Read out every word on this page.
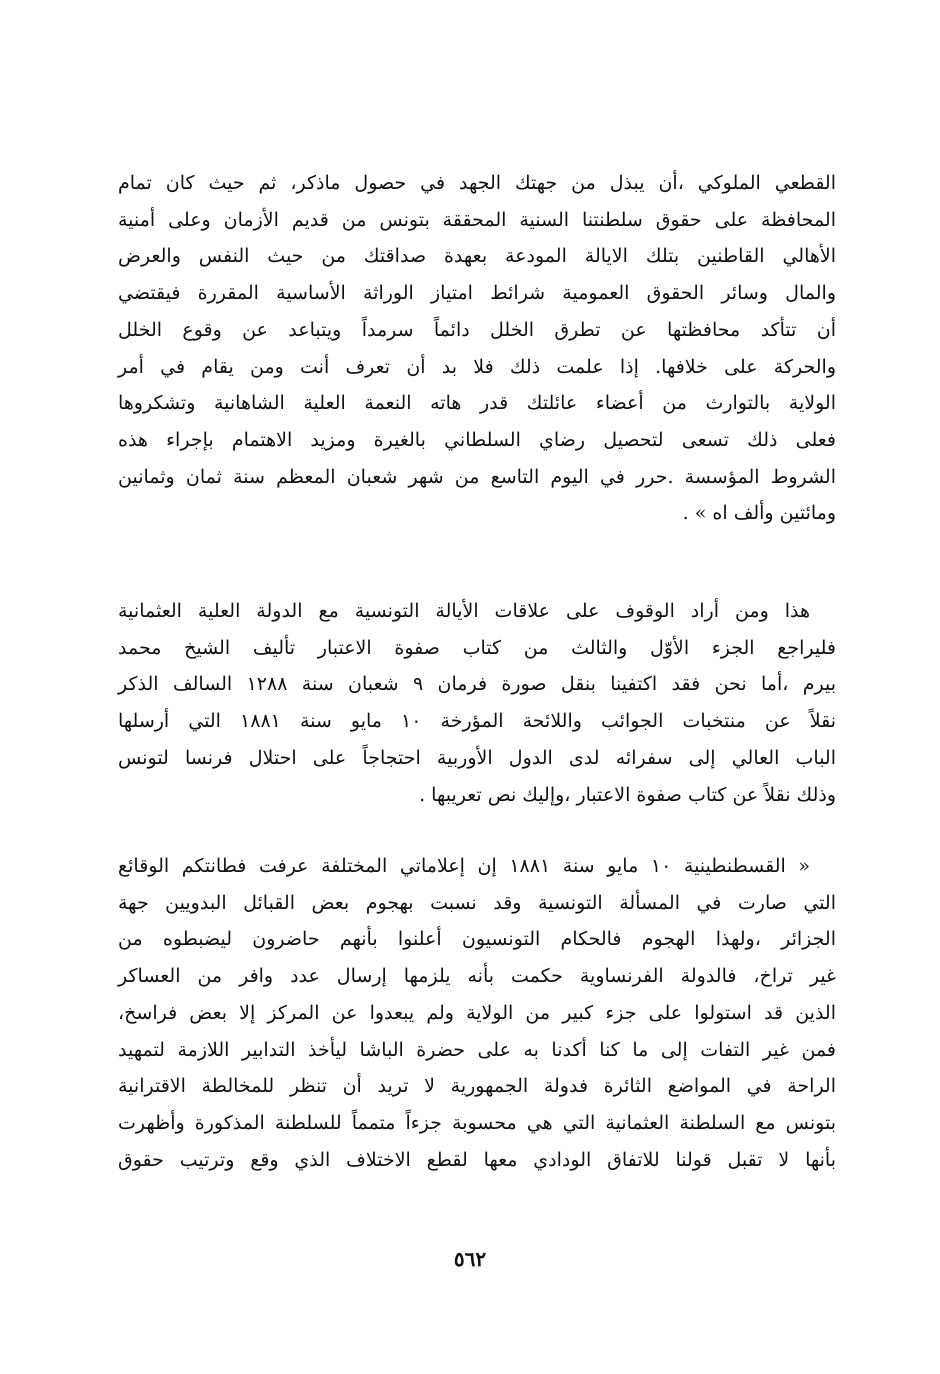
القطعي الملوكي ،أن يبذل من جهتك الجهد في حصول ماذكر، ثم حيث كان تمام
المحافظة على حقوق سلطنتنا السنية المحققة بتونس من قديم الأزمان وعلى أمنية
الأهالي القاطنين بتلك الايالة المودعة بعهدة صداقتك من حيث النفس والعرض
والمال وسائر الحقوق العمومية شرائط امتياز الوراثة الأساسية المقررة فيقتضي
أن تتأكد محافظتها عن تطرق الخلل دائماً سرمداً ويتباعد عن وقوع الخلل
والحركة على خلافها. إذا علمت ذلك فلا بد أن تعرف أنت ومن يقام في أمر
الولاية بالتوارث من أعضاء عائلتك قدر هاته النعمة العلية الشاهانية وتشكروها
فعلى ذلك تسعى لتحصيل رضاي السلطاني بالغيرة ومزيد الاهتمام بإجراء هذه
الشروط المؤسسة .حرر في اليوم التاسع من شهر شعبان المعظم سنة ثمان وثمانين
ومائتين وألف اه » .
هذا ومن أراد الوقوف على علاقات الأيالة التونسية مع الدولة العلية العثمانية
فليراجع الجزء الأوّل والثالث من كتاب صفوة الاعتبار تأليف الشيخ محمد
بيرم ،أما نحن فقد اكتفينا بنقل صورة فرمان ٩ شعبان سنة ١٢٨٨ السالف الذكر
نقلاً عن منتخبات الجوائب واللائحة المؤرخة ١٠ مايو سنة ١٨٨١ التي أرسلها
الباب العالي إلى سفرائه لدى الدول الأوربية احتجاجاً على احتلال فرنسا لتونس
وذلك نقلاً عن كتاب صفوة الاعتبار ،وإليك نص تعريبها .
« القسطنطينية ١٠ مايو سنة ١٨٨١ إن إعلاماتي المختلفة عرفت فطانتكم الوقائع
التي صارت في المسألة التونسية وقد نسبت بهجوم بعض القبائل البدويين جهة
الجزائر ،ولهذا الهجوم فالحكام التونسيون أعلنوا بأنهم حاضرون ليضبطوه من
غير تراخ، فالدولة الفرنساوية حكمت بأنه يلزمها إرسال عدد وافر من العساكر
الذين قد استولوا على جزء كبير من الولاية ولم يبعدوا عن المركز إلا بعض فراسخ،
فمن غير التفات إلى ما كنا أكدنا به على حضرة الباشا ليأخذ التدابير اللازمة لتمهيد
الراحة في المواضع الثائرة فدولة الجمهورية لا تريد أن تنظر للمخالطة الاقترانية
بتونس مع السلطنة العثمانية التي هي محسوبة جزءاً متمماً للسلطنة المذكورة وأظهرت
بأنها لا تقبل قولنا للاتفاق الودادي معها لقطع الاختلاف الذي وقع وترتيب حقوق
٥٦٢
